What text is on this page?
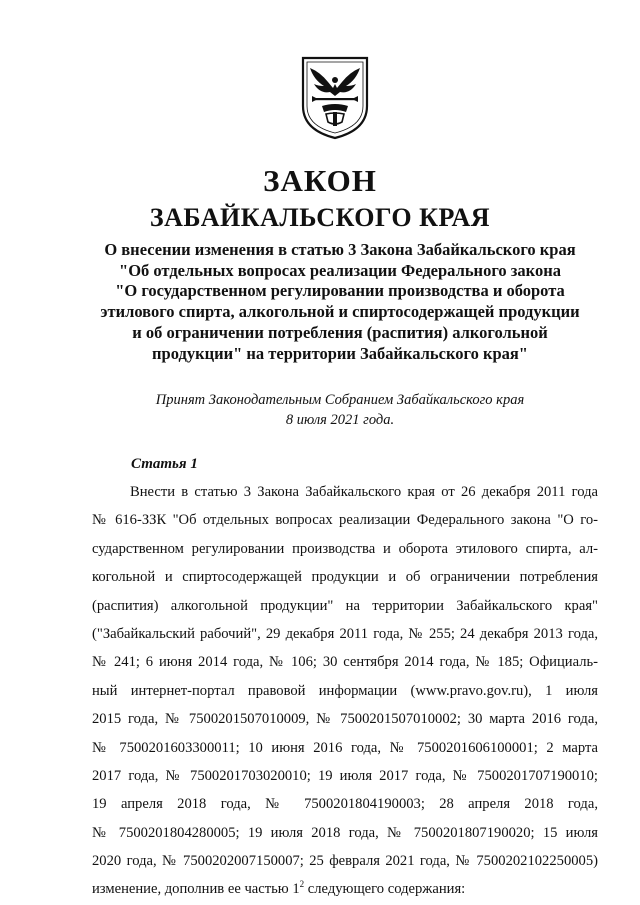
ЗАКОН
ЗАБАЙКАЛЬСКОГО КРАЯ
О внесении изменения в статью 3 Закона Забайкальского края
"Об отдельных вопросах реализации Федерального закона
"О государственном регулировании производства и оборота
этилового спирта, алкогольной и спиртосодержащей продукции
и об ограничении потребления (распития) алкогольной
продукции" на территории Забайкальского края"
Принят Законодательным Собранием Забайкальского края
8 июля 2021 года.

Статья 1

Внести в статью 3 Закона Забайкальского края от 26 декабря 2011 года
№ 616-ЗЗК "Об отдельных вопросах реализации Федерального закона "О го-
сударственном регулировании производства и оборота этилового спирта, ал-
когольной и спиртосодержащей продукции и об ограничении потребления
(распития) алкогольной продукции" на территории Забайкальского края"
("Забайкальский рабочий", 29 декабря 2011 года, № 255; 24 декабря 2013 года,
№ 241; 6 июня 2014 года, № 106; 30 сентября 2014 года, № 185; Официаль-
ный интернет-портал правовой информации (www.pravo.gov.ru), 1 июля
2015 года, № 7500201507010009, № 7500201507010002; 30 марта 2016 года,
№ 7500201603300011; 10 июня 2016 года, № 7500201606100001; 2 марта
2017 года, № 7500201703020010; 19 июля 2017 года, № 7500201707190010;
19 апреля 2018 года, № 7500201804190003; 28 апреля 2018 года,
№ 7500201804280005; 19 июля 2018 года, № 7500201807190020; 15 июля
2020 года, № 7500202007150007; 25 февраля 2021 года, № 7500202102250005)
изменение, дополнив ее частью $1^2$ следующего содержания:
